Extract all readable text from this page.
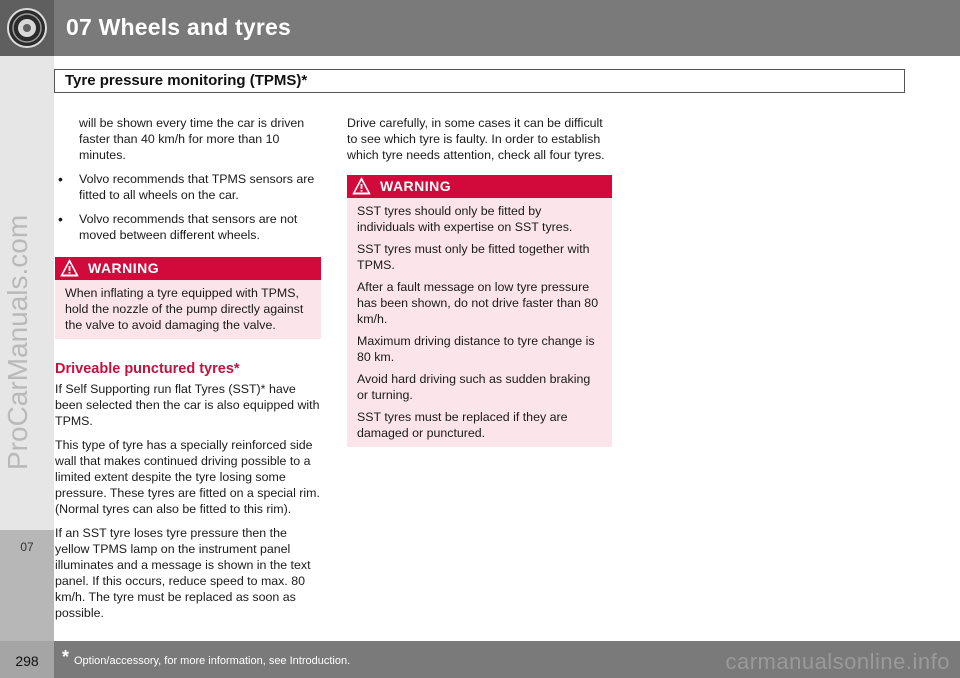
07 Wheels and tyres
Tyre pressure monitoring (TPMS)*
07
ProCarManuals.com

will be shown every time the car is driven faster than 40 km/h for more than 10 minutes.

• Volvo recommends that TPMS sensors are fitted to all wheels on the car.
• Volvo recommends that sensors are not moved between different wheels.
WARNING

When inflating a tyre equipped with TPMS, hold the nozzle of the pump directly against the valve to avoid damaging the valve.

Driveable punctured tyres*

If Self Supporting run flat Tyres (SST)* have been selected then the car is also equipped with TPMS.

This type of tyre has a specially reinforced side wall that makes continued driving possible to a limited extent despite the tyre losing some pressure. These tyres are fitted on a special rim. (Normal tyres can also be fitted to this rim).

If an SST tyre loses tyre pressure then the yellow TPMS lamp on the instrument panel illuminates and a message is shown in the text panel. If this occurs, reduce speed to max. 80 km/h. The tyre must be replaced as soon as possible.

Drive carefully, in some cases it can be difficult to see which tyre is faulty. In order to establish which tyre needs attention, check all four tyres.

WARNING

SST tyres should only be fitted by individuals with expertise on SST tyres.

SST tyres must only be fitted together with TPMS.

After a fault message on low tyre pressure has been shown, do not drive faster than 80 km/h.

Maximum driving distance to tyre change is 80 km.

Avoid hard driving such as sudden braking or turning.

SST tyres must be replaced if they are damaged or punctured.

298	* Option/accessory, for more information, see Introduction.	carmanualsonline.info
